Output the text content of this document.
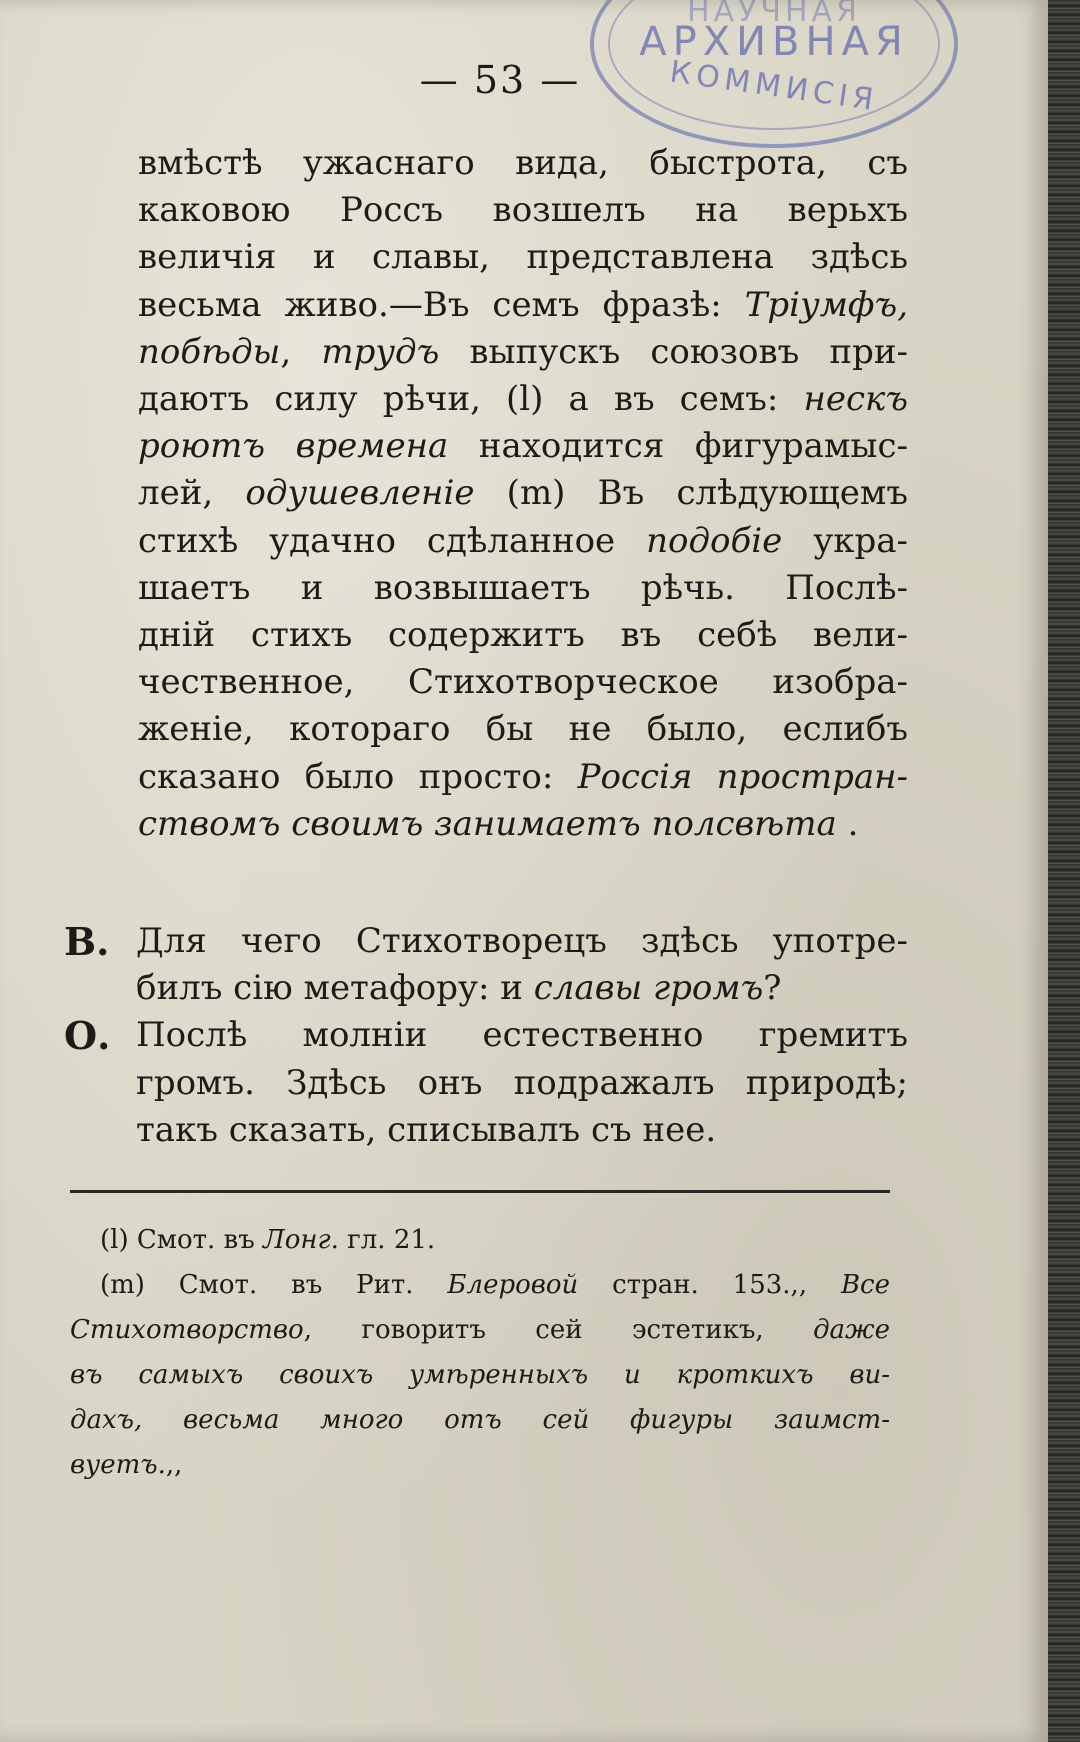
НАУЧНАЯ
АРХИВНАЯ
КОММИСІЯ
— 53 —
вмѣстѣ ужаснаго вида, быстрота, съ
каковою Россъ возшелъ на верьхъ
величія и славы, представлена здѣсь
весьма живо.—Въ семъ фразѣ: Тріумфъ,
побѣды, трудъ выпускъ союзовъ при-
даютъ силу рѣчи, (l) а въ семъ: нескъ
роютъ времена находится фигурамыс-
лей, одушевленіе (m) Въ слѣдующемъ
стихѣ удачно сдѣланное подобіе укра-
шаетъ и возвышаетъ рѣчь. Послѣ-
дній стихъ содержитъ въ себѣ вели-
чественное, Стихотворческое изобра-
женіе, котораго бы не было, еслибъ
сказано было просто: Россія простран-
ствомъ своимъ занимаетъ полсвѣта .
В. Для чего Стихотворецъ здѣсь употре-
билъ сію метафору: и славы громъ?
О. Послѣ молніи естественно гремитъ
громъ. Здѣсь онъ подражалъ природѣ;
такъ сказать, списывалъ съ нее.
(l) Смот. въ Лонг. гл. 21.
(m) Смот. въ Рит. Блеровой стран. 153.,, Все
Стихотворство, говоритъ сей эстетикъ, даже
въ самыхъ своихъ умѣренныхъ и кроткихъ ви-
дахъ, весьма много отъ сей фигуры заимст-
вуетъ.,,
